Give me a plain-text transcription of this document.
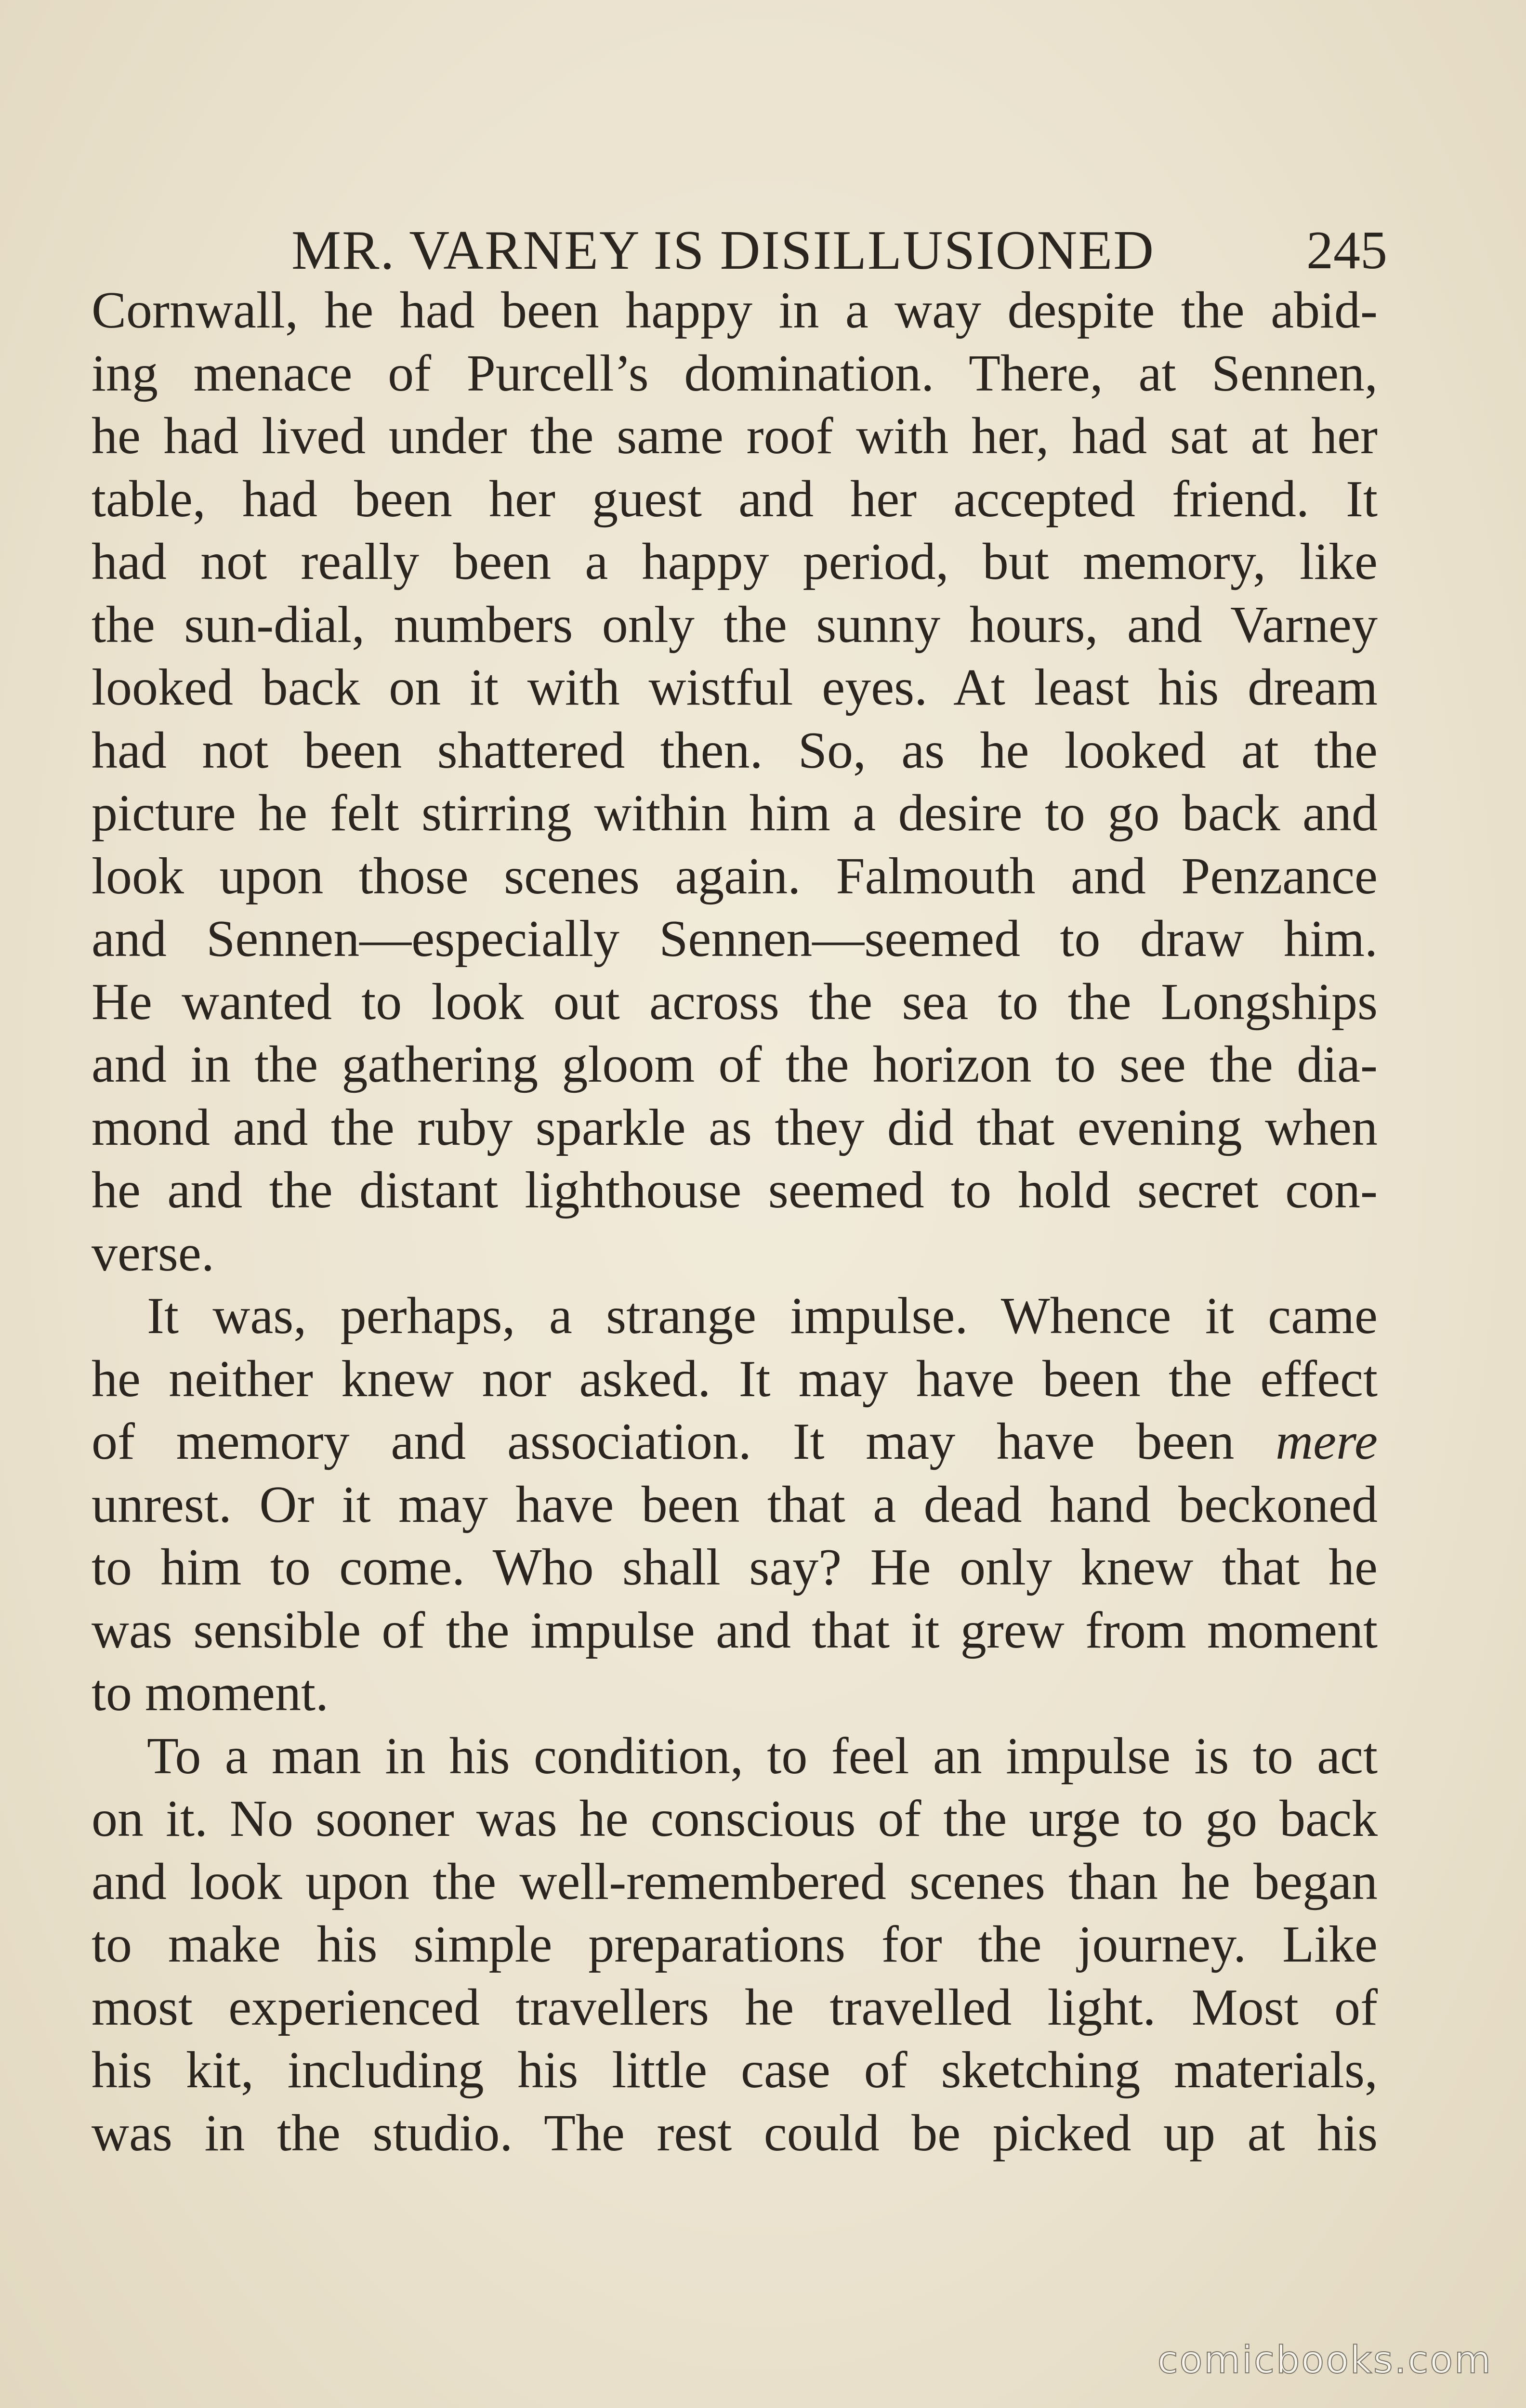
MR. VARNEY IS DISILLUSIONED	245
Cornwall, he had been happy in a way despite the abid-
ing menace of Purcell’s domination. There, at Sennen,
he had lived under the same roof with her, had sat at her
table, had been her guest and her accepted friend. It
had not really been a happy period, but memory, like
the sun-dial, numbers only the sunny hours, and Varney
looked back on it with wistful eyes. At least his dream
had not been shattered then. So, as he looked at the
picture he felt stirring within him a desire to go back and
look upon those scenes again. Falmouth and Penzance
and Sennen—especially Sennen—seemed to draw him.
He wanted to look out across the sea to the Longships
and in the gathering gloom of the horizon to see the dia-
mond and the ruby sparkle as they did that evening when
he and the distant lighthouse seemed to hold secret con-
verse.
It was, perhaps, a strange impulse. Whence it came
he neither knew nor asked. It may have been the effect
of memory and association. It may have been mere
unrest. Or it may have been that a dead hand beckoned
to him to come. Who shall say? He only knew that he
was sensible of the impulse and that it grew from moment
to moment.
To a man in his condition, to feel an impulse is to act
on it. No sooner was he conscious of the urge to go back
and look upon the well-remembered scenes than he began
to make his simple preparations for the journey. Like
most experienced travellers he travelled light. Most of
his kit, including his little case of sketching materials,
was in the studio. The rest could be picked up at his
comicbooks.com
